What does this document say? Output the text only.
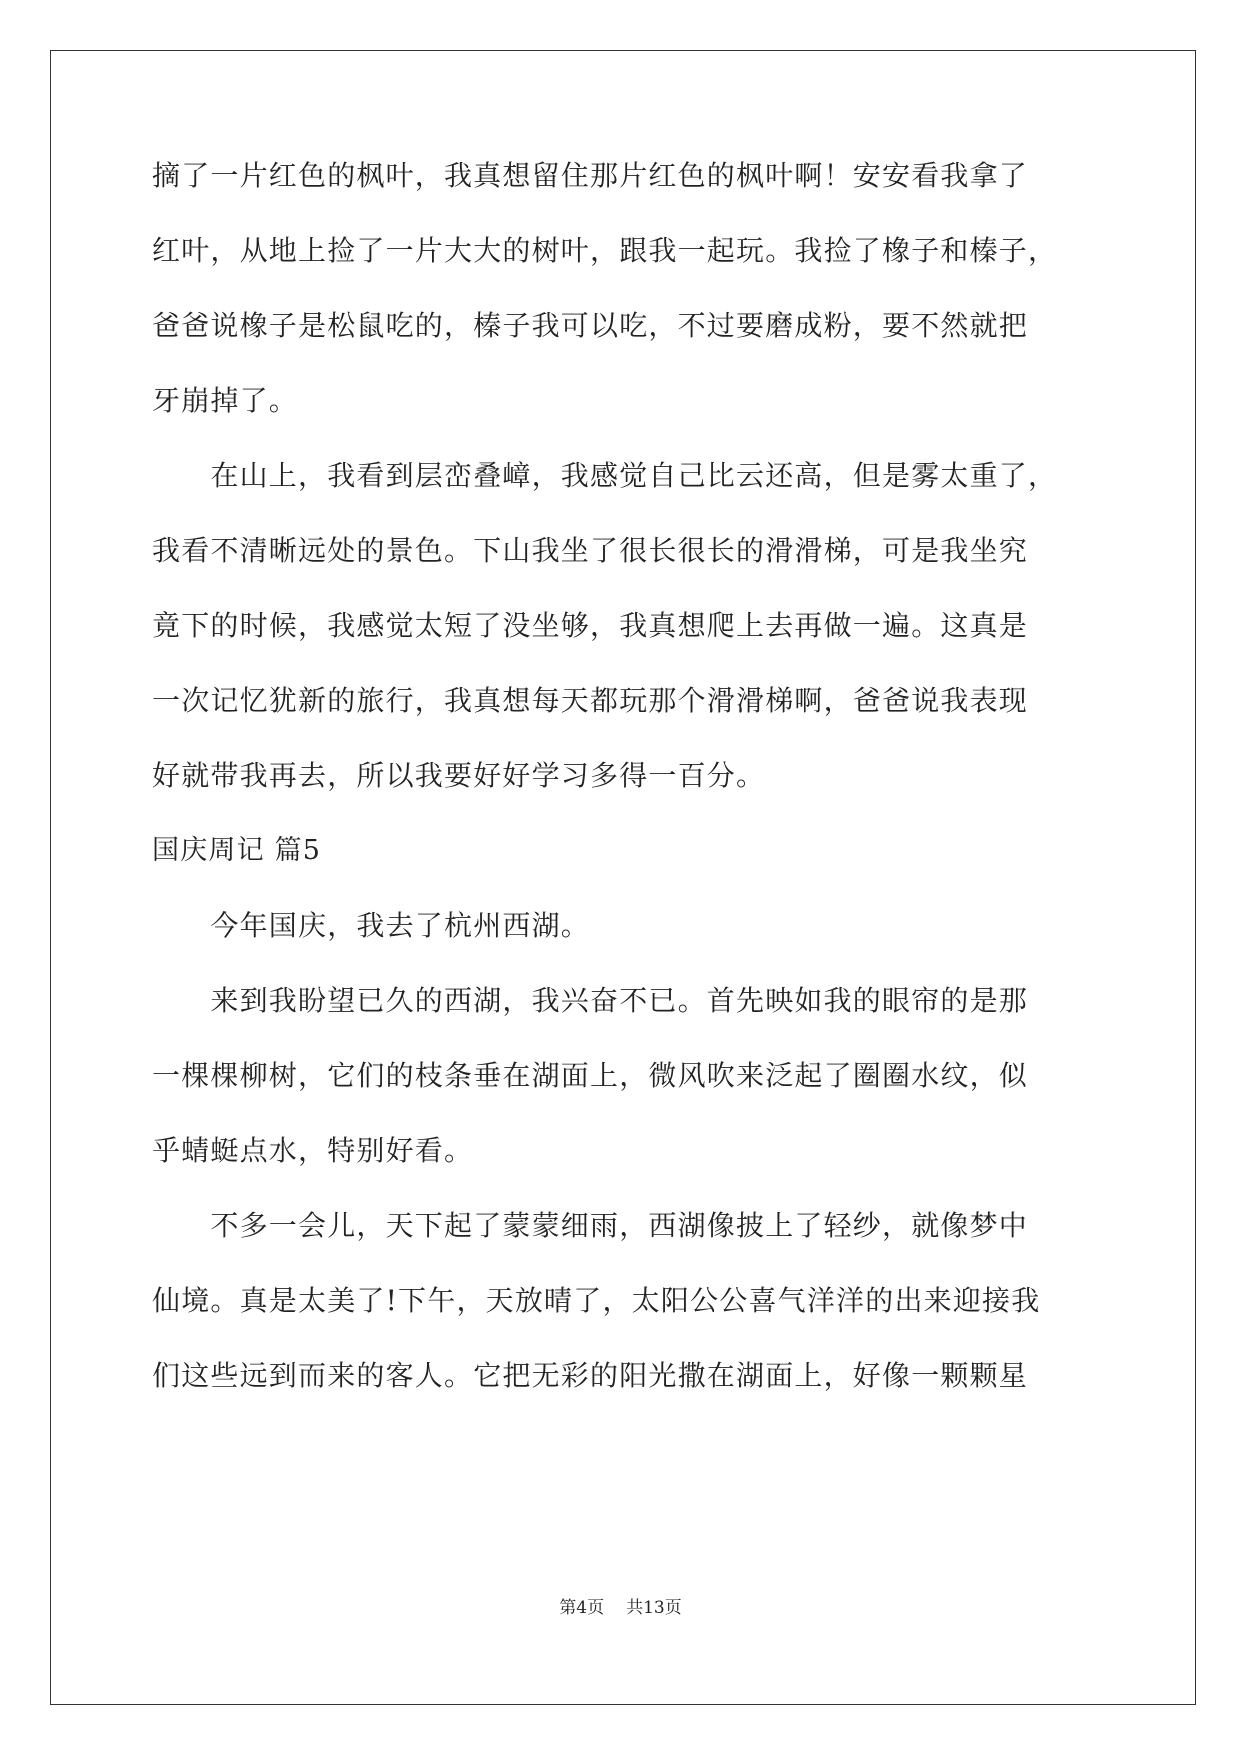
摘了一片红色的枫叶，我真想留住那片红色的枫叶啊！安安看我拿了
红叶，从地上捡了一片大大的树叶，跟我一起玩。我捡了橡子和榛子，
爸爸说橡子是松鼠吃的，榛子我可以吃，不过要磨成粉，要不然就把
牙崩掉了。
　　在山上，我看到层峦叠嶂，我感觉自己比云还高，但是雾太重了，
我看不清晰远处的景色。下山我坐了很长很长的滑滑梯，可是我坐究
竟下的时候，我感觉太短了没坐够，我真想爬上去再做一遍。这真是
一次记忆犹新的旅行，我真想每天都玩那个滑滑梯啊，爸爸说我表现
好就带我再去，所以我要好好学习多得一百分。
国庆周记 篇5
　　今年国庆，我去了杭州西湖。
　　来到我盼望已久的西湖，我兴奋不已。首先映如我的眼帘的是那
一棵棵柳树，它们的枝条垂在湖面上，微风吹来泛起了圈圈水纹，似
乎蜻蜓点水，特别好看。
　　不多一会儿，天下起了蒙蒙细雨，西湖像披上了轻纱，就像梦中
仙境。真是太美了!下午，天放晴了，太阳公公喜气洋洋的出来迎接我
们这些远到而来的客人。它把无彩的阳光撒在湖面上，好像一颗颗星
第4页 共13页
